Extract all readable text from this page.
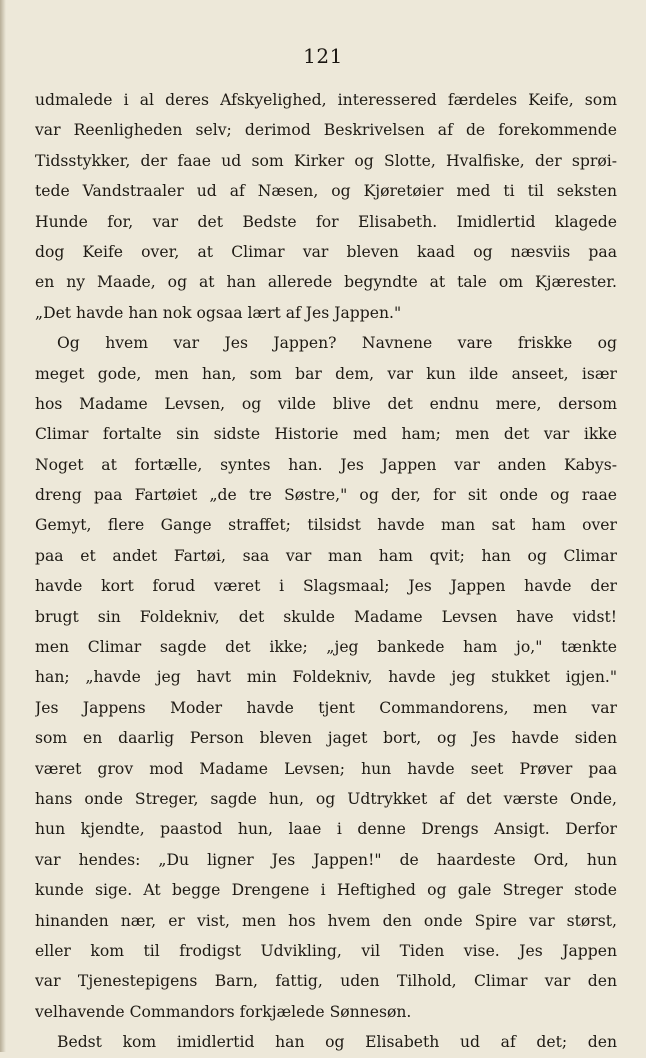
121
udmalede i al deres Afskyelighed, interessered færdeles Keife, som
var Reenligheden selv; derimod Beskrivelsen af de forekommende
Tidsstykker, der faae ud som Kirker og Slotte, Hvalfiske, der sprøi-
tede Vandstraaler ud af Næsen, og Kjøretøier med ti til seksten
Hunde for, var det Bedste for Elisabeth. Imidlertid klagede
dog Keife over, at Climar var bleven kaad og næsviis paa
en ny Maade, og at han allerede begyndte at tale om Kjærester.
„Det havde han nok ogsaa lært af Jes Jappen."
Og hvem var Jes Jappen? Navnene vare friskke og
meget gode, men han, som bar dem, var kun ilde anseet, især
hos Madame Levsen, og vilde blive det endnu mere, dersom
Climar fortalte sin sidste Historie med ham; men det var ikke
Noget at fortælle, syntes han. Jes Jappen var anden Kabys-
dreng paa Fartøiet „de tre Søstre," og der, for sit onde og raae
Gemyt, flere Gange straffet; tilsidst havde man sat ham over
paa et andet Fartøi, saa var man ham qvit; han og Climar
havde kort forud været i Slagsmaal; Jes Jappen havde der
brugt sin Foldekniv, det skulde Madame Levsen have vidst!
men Climar sagde det ikke; „jeg bankede ham jo," tænkte
han; „havde jeg havt min Foldekniv, havde jeg stukket igjen."
Jes Jappens Moder havde tjent Commandorens, men var
som en daarlig Person bleven jaget bort, og Jes havde siden
været grov mod Madame Levsen; hun havde seet Prøver paa
hans onde Streger, sagde hun, og Udtrykket af det værste Onde,
hun kjendte, paastod hun, laae i denne Drengs Ansigt. Derfor
var hendes: „Du ligner Jes Jappen!" de haardeste Ord, hun
kunde sige. At begge Drengene i Heftighed og gale Streger stode
hinanden nær, er vist, men hos hvem den onde Spire var størst,
eller kom til frodigst Udvikling, vil Tiden vise. Jes Jappen
var Tjenestepigens Barn, fattig, uden Tilhold, Climar var den
velhavende Commandors forkjælede Sønnesøn.
Bedst kom imidlertid han og Elisabeth ud af det; den
